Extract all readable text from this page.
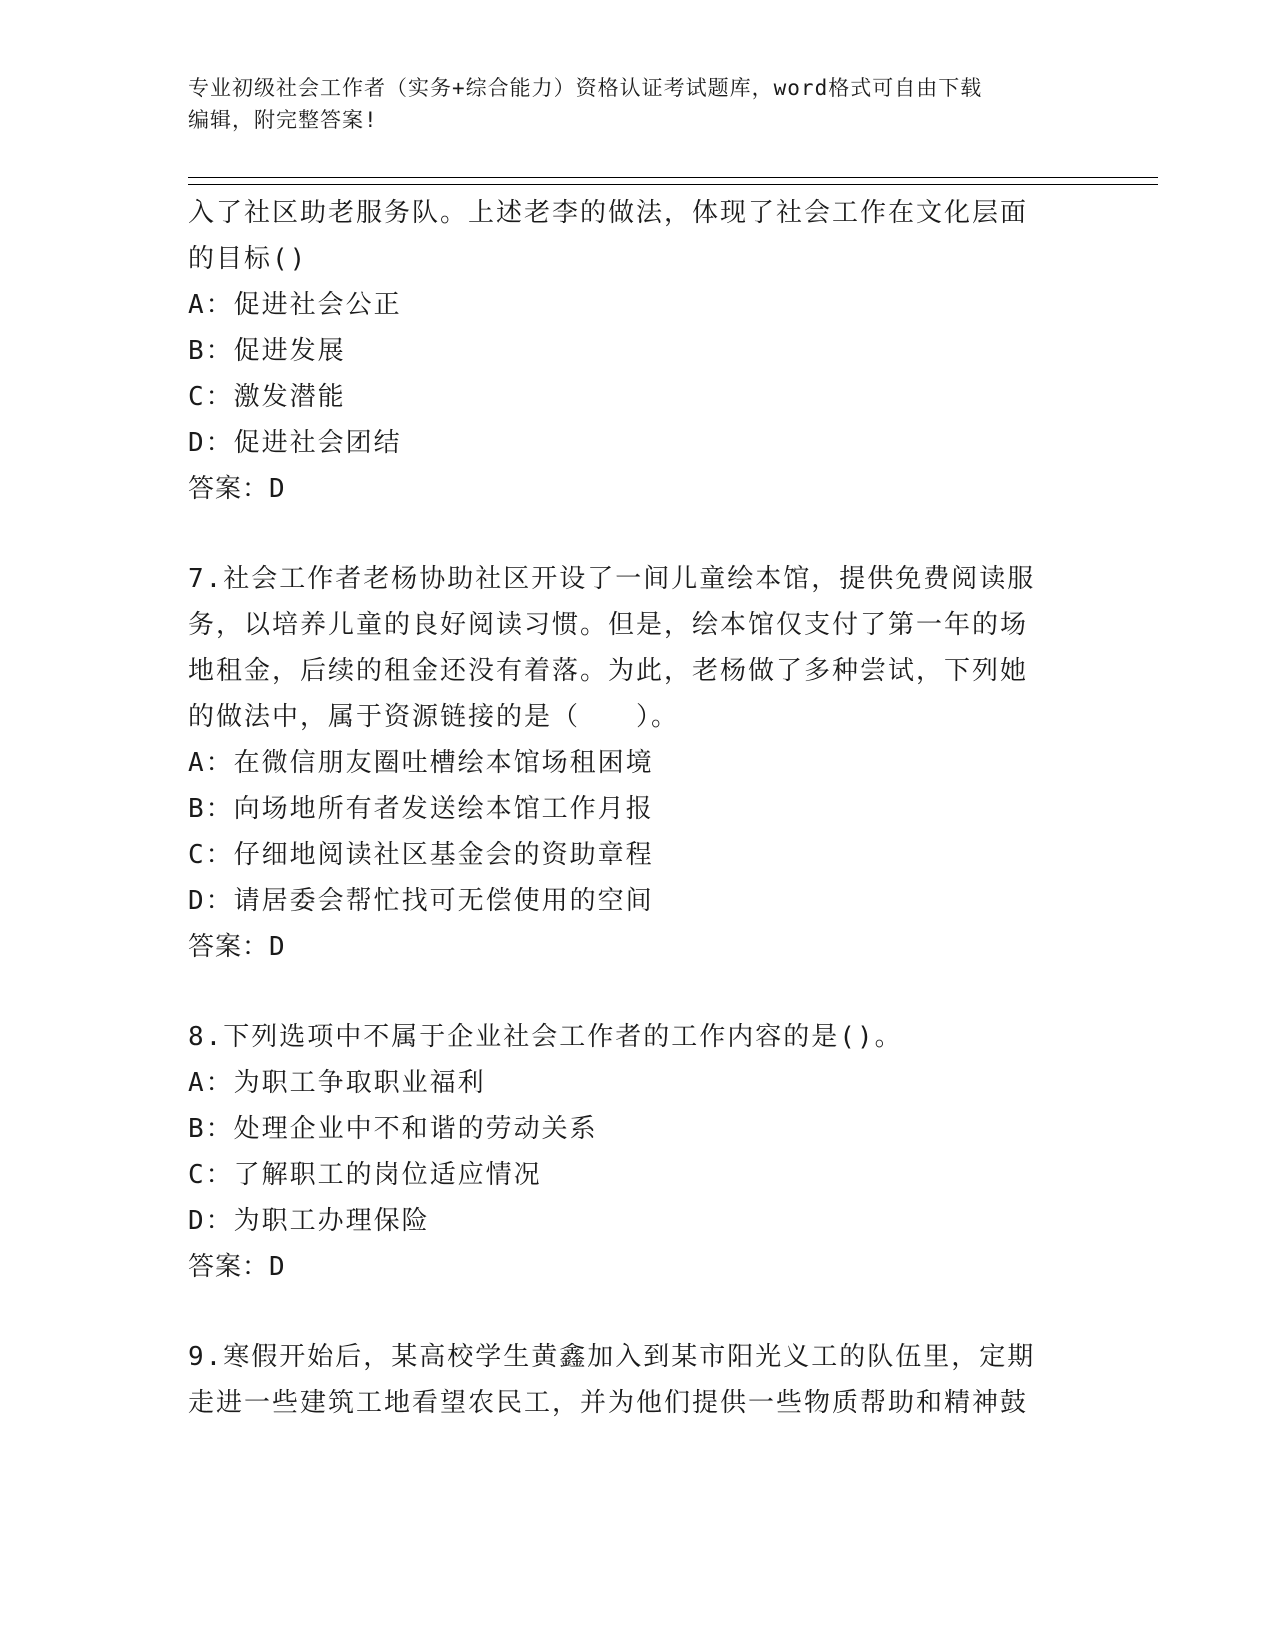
专业初级社会工作者（实务+综合能力）资格认证考试题库，word格式可自由下载
编辑，附完整答案!
入了社区助老服务队。上述老李的做法，体现了社会工作在文化层面
的目标()
A：促进社会公正
B：促进发展
C：激发潜能
D：促进社会团结
答案：D
7.社会工作者老杨协助社区开设了一间儿童绘本馆，提供免费阅读服
务，以培养儿童的良好阅读习惯。但是，绘本馆仅支付了第一年的场
地租金，后续的租金还没有着落。为此，老杨做了多种尝试，下列她
的做法中，属于资源链接的是（　　）。
A：在微信朋友圈吐槽绘本馆场租困境
B：向场地所有者发送绘本馆工作月报
C：仔细地阅读社区基金会的资助章程
D：请居委会帮忙找可无偿使用的空间
答案：D
8.下列选项中不属于企业社会工作者的工作内容的是()。
A：为职工争取职业福利
B：处理企业中不和谐的劳动关系
C：了解职工的岗位适应情况
D：为职工办理保险
答案：D
9.寒假开始后，某高校学生黄鑫加入到某市阳光义工的队伍里，定期
走进一些建筑工地看望农民工，并为他们提供一些物质帮助和精神鼓
